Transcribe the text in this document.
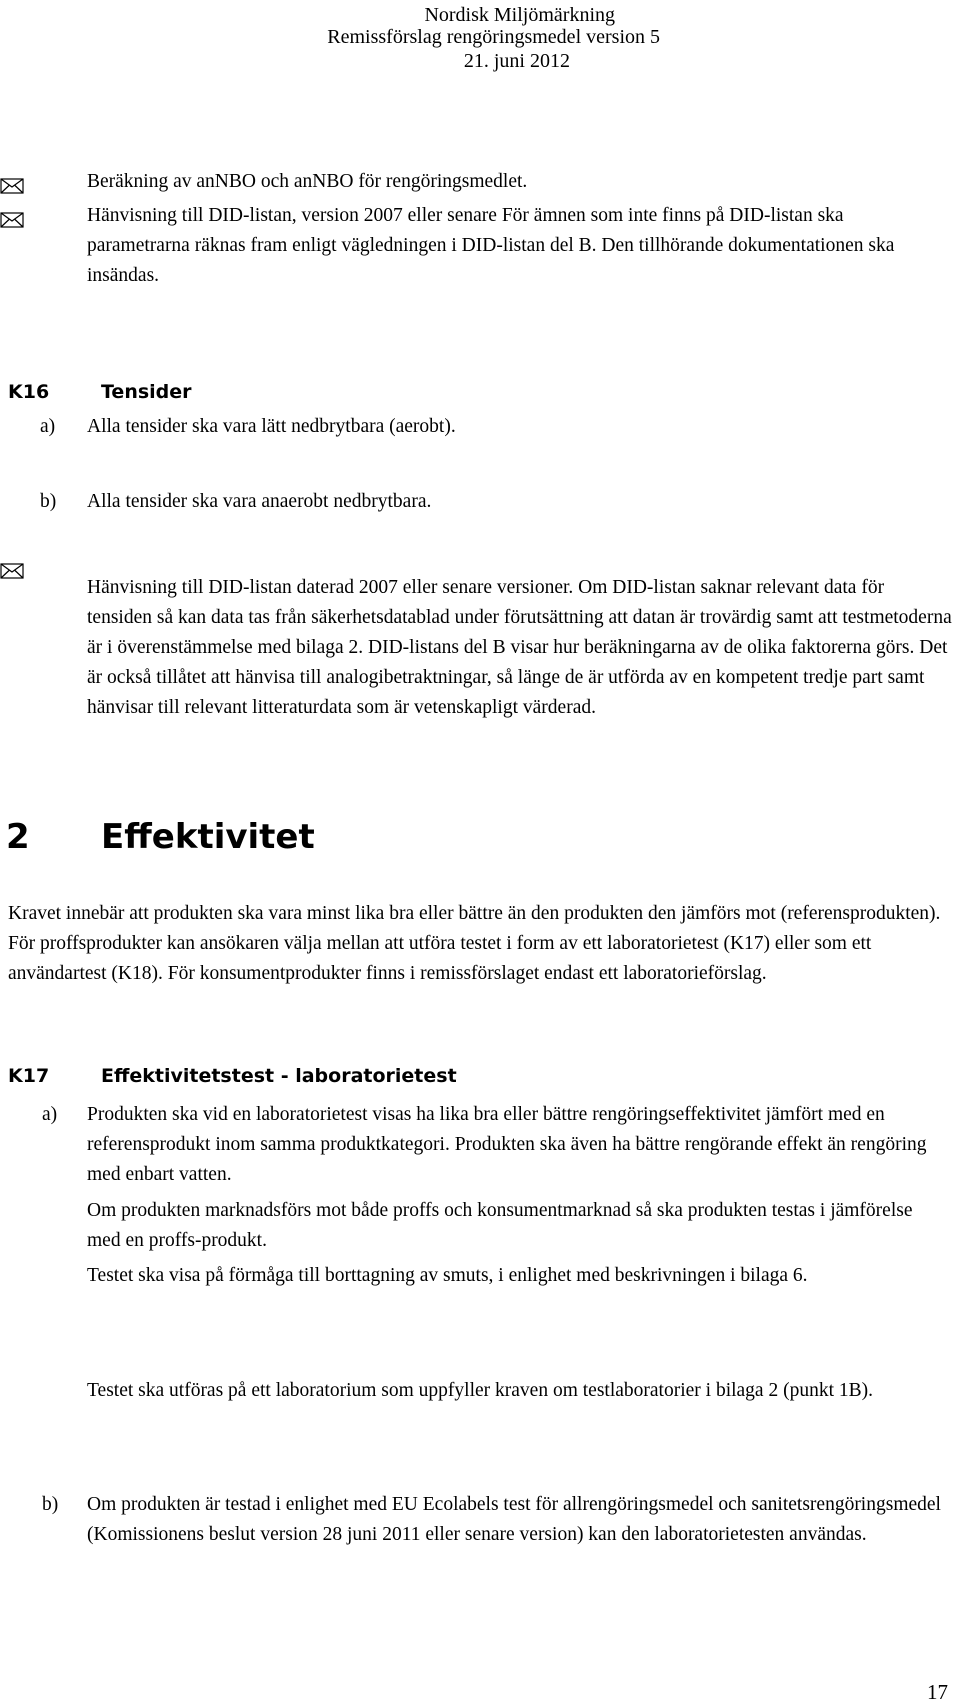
Nordisk Miljömärkning
Remissförslag rengöringsmedel version 5
21. juni 2012

Beräkning av anNBO och anNBO för rengöringsmedlet.

Hänvisning till DID-listan, version 2007 eller senare För ämnen som inte finns på DID-listan ska parametrarna räknas fram enligt vägledningen i DID-listan del B. Den tillhörande dokumentationen ska insändas.

K16	Tensider
a) Alla tensider ska vara lätt nedbrytbara (aerobt).

b) Alla tensider ska vara anaerobt nedbrytbara.

Hänvisning till DID-listan daterad 2007 eller senare versioner. Om DID-listan saknar relevant data för tensiden så kan data tas från säkerhetsdatablad under förutsättning att datan är trovärdig samt att testmetoderna är i överenstämmelse med bilaga 2. DID-listans del B visar hur beräkningarna av de olika faktorerna görs. Det är också tillåtet att hänvisa till analogibetraktningar, så länge de är utförda av en kompetent tredje part samt hänvisar till relevant litteraturdata som är vetenskapligt värderad.

2 Effektivitet

Kravet innebär att produkten ska vara minst lika bra eller bättre än den produkten den jämförs mot (referensprodukten). För proffsprodukter kan ansökaren välja mellan att utföra testet i form av ett laboratorietest (K17) eller som ett användartest (K18). För konsumentprodukter finns i remissförslaget endast ett laboratorieförslag.

K17	Effektivitetstest - laboratorietest
a) Produkten ska vid en laboratorietest visas ha lika bra eller bättre rengöringseffektivitet jämfört med en referensprodukt inom samma produktkategori. Produkten ska även ha bättre rengörande effekt än rengöring med enbart vatten.

Om produkten marknadsförs mot både proffs och konsumentmarknad så ska produkten testas i jämförelse med en proffs-produkt.

Testet ska visa på förmåga till borttagning av smuts, i enlighet med beskrivningen i bilaga 6.

Testet ska utföras på ett laboratorium som uppfyller kraven om testlaboratorier i bilaga 2 (punkt 1B).

b) Om produkten är testad i enlighet med EU Ecolabels test för allrengöringsmedel och sanitetsrengöringsmedel (Komissionens beslut version 28 juni 2011 eller senare version) kan den laboratorietesten användas.

17
